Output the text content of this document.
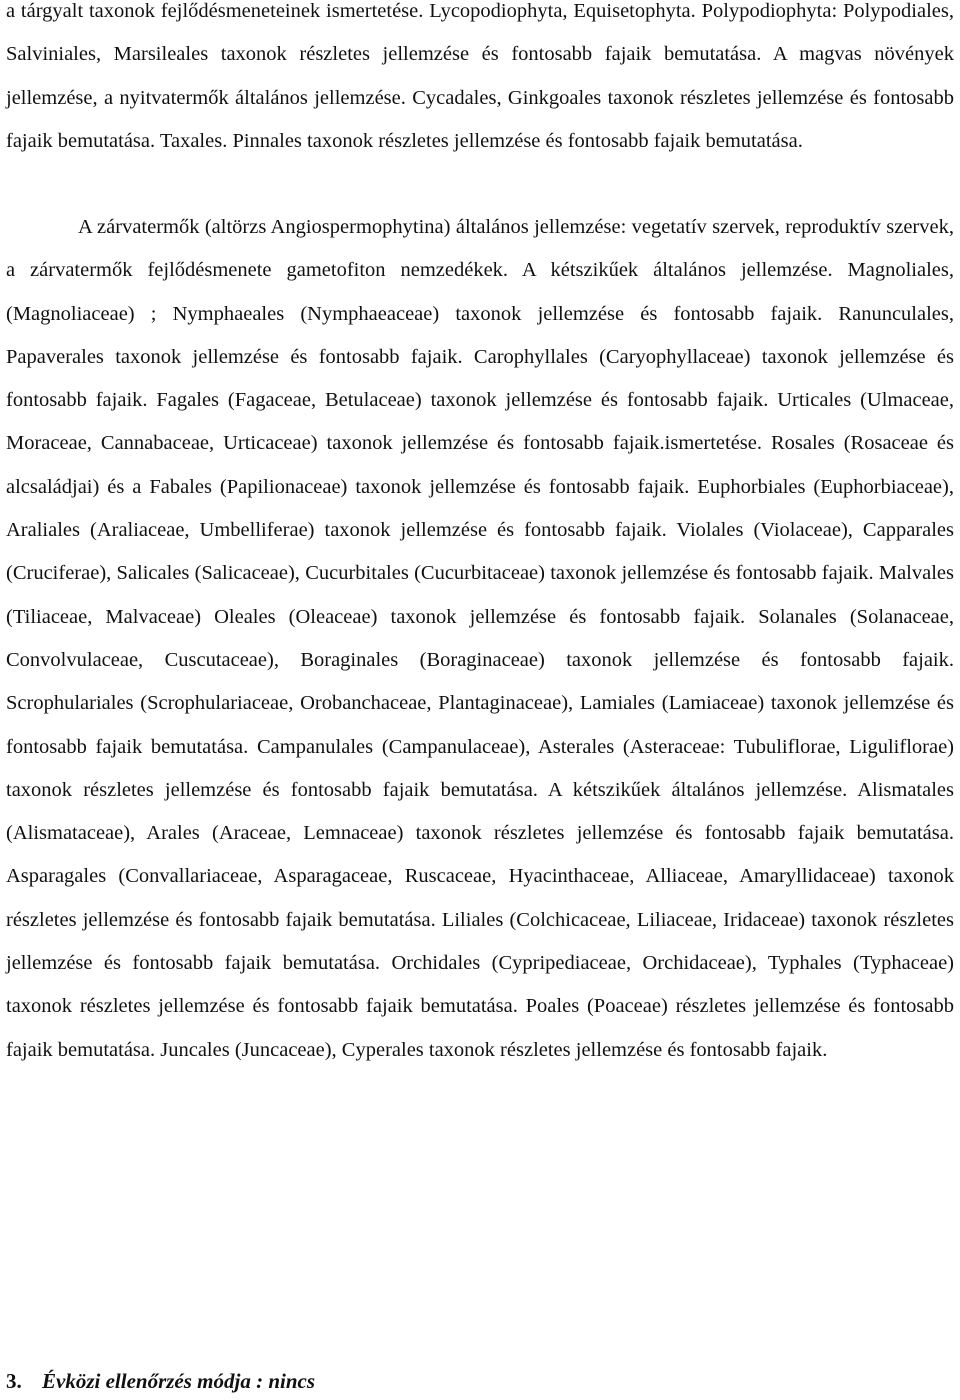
a tárgyalt taxonok fejlődésmeneteinek ismertetése. Lycopodiophyta, Equisetophyta. Polypodiophyta: Polypodiales, Salviniales, Marsileales taxonok részletes jellemzése és fontosabb fajaik bemutatása. A magvas növények jellemzése, a nyitvatermők általános jellemzése. Cycadales, Ginkgoales taxonok részletes jellemzése és fontosabb fajaik bemutatása. Taxales. Pinnales taxonok részletes jellemzése és fontosabb fajaik bemutatása.

A zárvatermők (altörzs Angiospermophytina) általános jellemzése: vegetatív szervek, reproduktív szervek, a zárvatermők fejlődésmenete gametofiton nemzedékek. A kétszikűek általános jellemzése. Magnoliales, (Magnoliaceae) ; Nymphaeales (Nymphaeaceae) taxonok jellemzése és fontosabb fajaik. Ranunculales, Papaverales taxonok jellemzése és fontosabb fajaik. Carophyllales (Caryophyllaceae) taxonok jellemzése és fontosabb fajaik. Fagales (Fagaceae, Betulaceae) taxonok jellemzése és fontosabb fajaik. Urticales (Ulmaceae, Moraceae, Cannabaceae, Urticaceae) taxonok jellemzése és fontosabb fajaik.ismertetése. Rosales (Rosaceae és alcsaládjai) és a Fabales (Papilionaceae) taxonok jellemzése és fontosabb fajaik. Euphorbiales (Euphorbiaceae), Araliales (Araliaceae, Umbelliferae) taxonok jellemzése és fontosabb fajaik. Violales (Violaceae), Capparales (Cruciferae), Salicales (Salicaceae), Cucurbitales (Cucurbitaceae) taxonok jellemzése és fontosabb fajaik. Malvales (Tiliaceae, Malvaceae) Oleales (Oleaceae) taxonok jellemzése és fontosabb fajaik. Solanales (Solanaceae, Convolvulaceae, Cuscutaceae), Boraginales (Boraginaceae) taxonok jellemzése és fontosabb fajaik. Scrophulariales (Scrophulariaceae, Orobanchaceae, Plantaginaceae), Lamiales (Lamiaceae) taxonok jellemzése és fontosabb fajaik bemutatása. Campanulales (Campanulaceae), Asterales (Asteraceae: Tubuliflorae, Liguliflorae) taxonok részletes jellemzése és fontosabb fajaik bemutatása. A kétszikűek általános jellemzése. Alismatales (Alismataceae), Arales (Araceae, Lemnaceae) taxonok részletes jellemzése és fontosabb fajaik bemutatása. Asparagales (Convallariaceae, Asparagaceae, Ruscaceae, Hyacinthaceae, Alliaceae, Amaryllidaceae) taxonok részletes jellemzése és fontosabb fajaik bemutatása. Liliales (Colchicaceae, Liliaceae, Iridaceae) taxonok részletes jellemzése és fontosabb fajaik bemutatása. Orchidales (Cypripediaceae, Orchidaceae), Typhales (Typhaceae) taxonok részletes jellemzése és fontosabb fajaik bemutatása. Poales (Poaceae) részletes jellemzése és fontosabb fajaik bemutatása. Juncales (Juncaceae), Cyperales taxonok részletes jellemzése és fontosabb fajaik.

3. Évközi ellenőrzés módja : nincs
